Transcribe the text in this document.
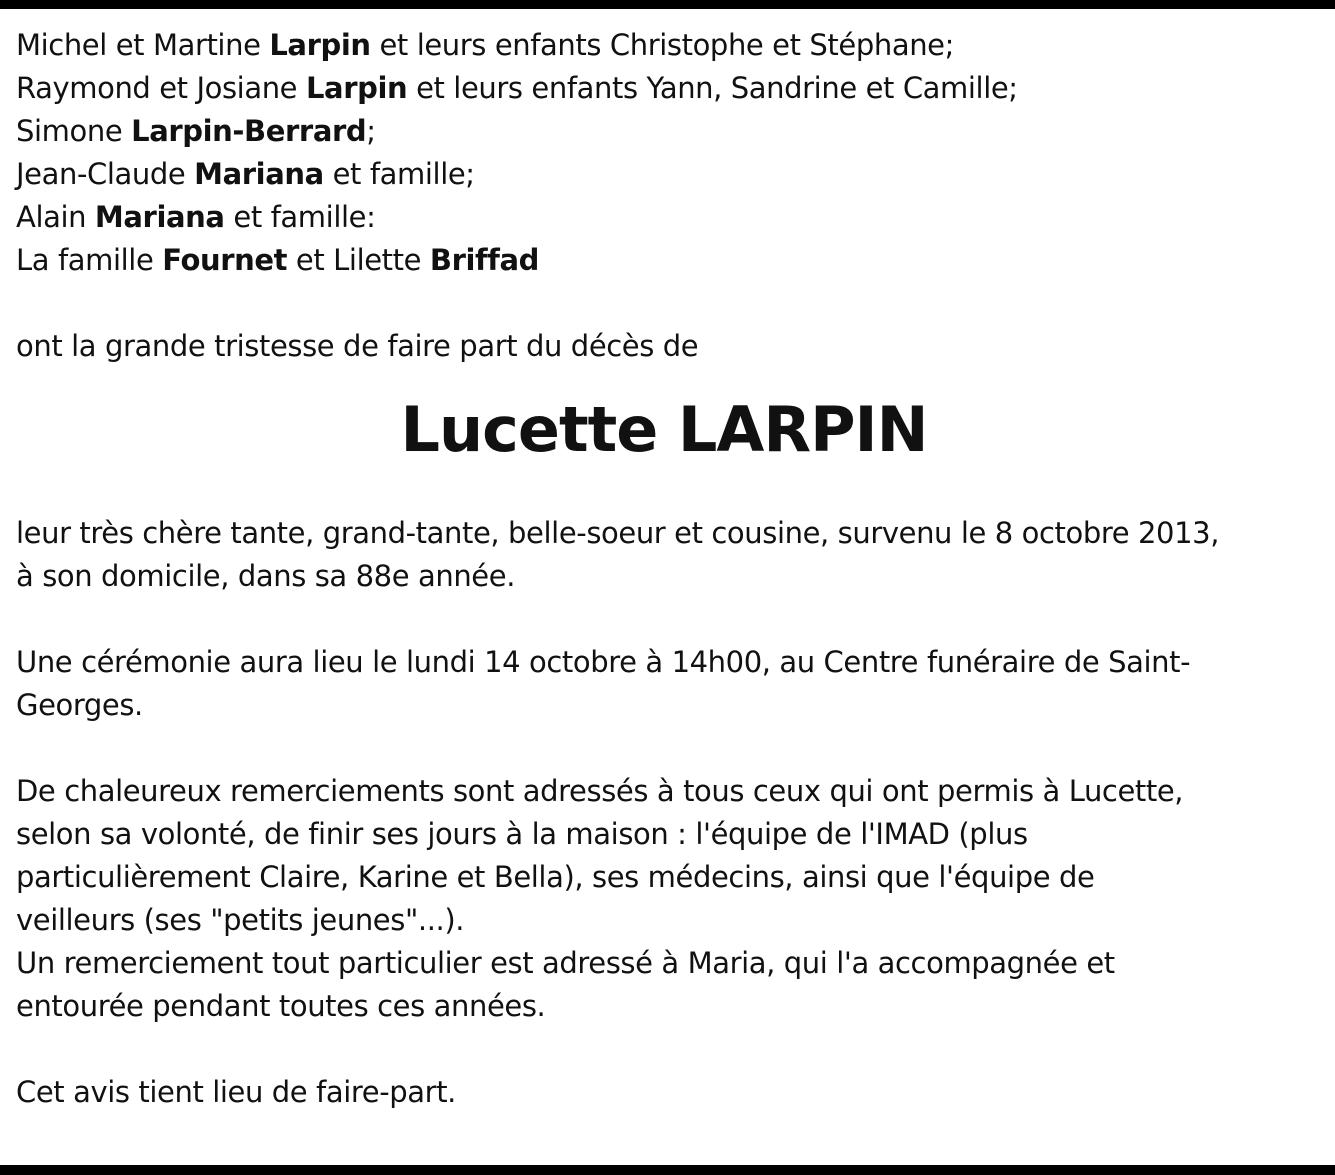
Michel et Martine Larpin et leurs enfants Christophe et Stéphane;
Raymond et Josiane Larpin et leurs enfants Yann, Sandrine et Camille;
Simone Larpin-Berrard;
Jean-Claude Mariana et famille;
Alain Mariana et famille:
La famille Fournet et Lilette Briffad
ont la grande tristesse de faire part du décès de
Lucette LARPIN
leur très chère tante, grand-tante, belle-soeur et cousine, survenu le 8 octobre 2013,
à son domicile, dans sa 88e année.
Une cérémonie aura lieu le lundi 14 octobre à 14h00, au Centre funéraire de Saint-
Georges.
De chaleureux remerciements sont adressés à tous ceux qui ont permis à Lucette,
selon sa volonté, de finir ses jours à la maison : l'équipe de l'IMAD (plus
particulièrement Claire, Karine et Bella), ses médecins, ainsi que l'équipe de
veilleurs (ses "petits jeunes"...).
Un remerciement tout particulier est adressé à Maria, qui l'a accompagnée et
entourée pendant toutes ces années.
Cet avis tient lieu de faire-part.
